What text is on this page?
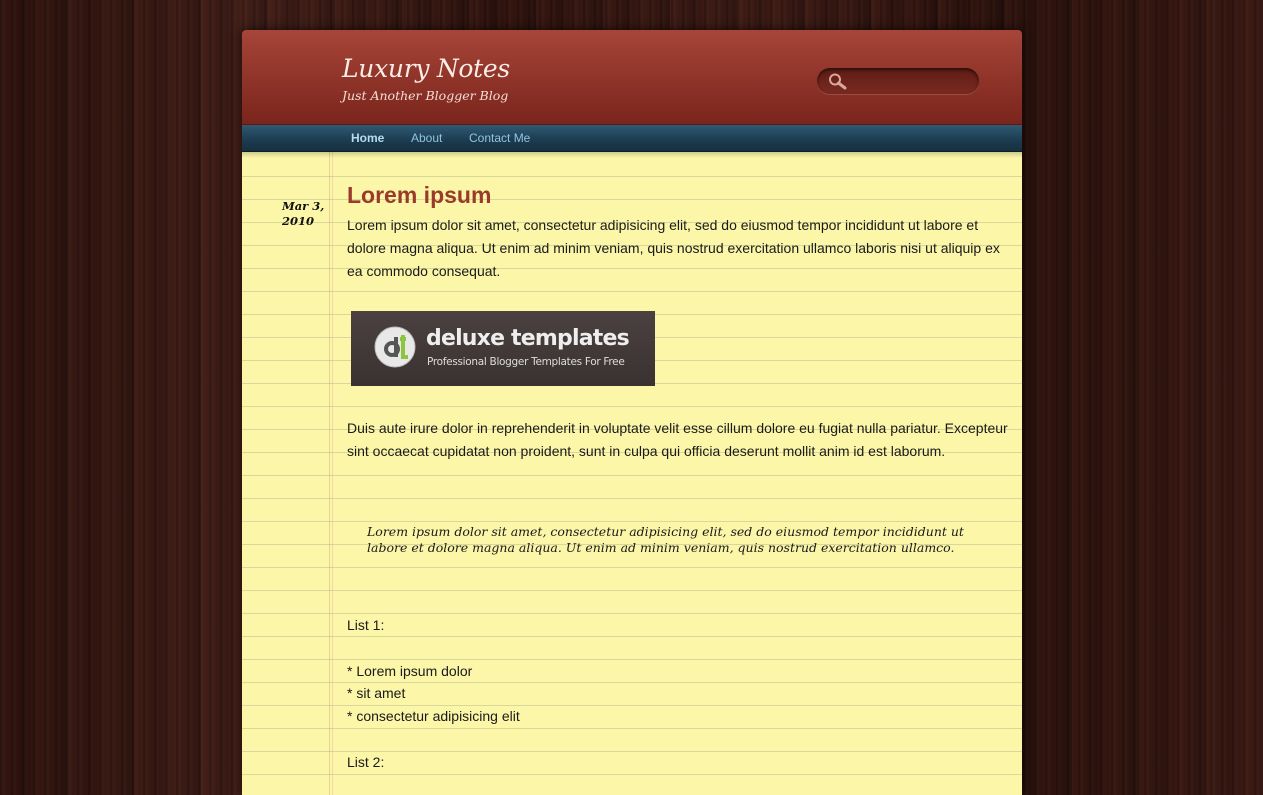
Luxury Notes
Just Another Blogger Blog
Home About Contact Me
Mar 3,
2010
Lorem ipsum

Lorem ipsum dolor sit amet, consectetur adipisicing elit, sed do eiusmod tempor incididunt ut labore et dolore magna aliqua. Ut enim ad minim veniam, quis nostrud exercitation ullamco laboris nisi ut aliquip ex ea commodo consequat.

deluxe templates
Professional Blogger Templates For Free

Duis aute irure dolor in reprehenderit in voluptate velit esse cillum dolore eu fugiat nulla pariatur. Excepteur sint occaecat cupidatat non proident, sunt in culpa qui officia deserunt mollit anim id est laborum.

Lorem ipsum dolor sit amet, consectetur adipisicing elit, sed do eiusmod tempor incididunt ut labore et dolore magna aliqua. Ut enim ad minim veniam, quis nostrud exercitation ullamco.

List 1:

* Lorem ipsum dolor

* sit amet

* consectetur adipisicing elit

List 2:
